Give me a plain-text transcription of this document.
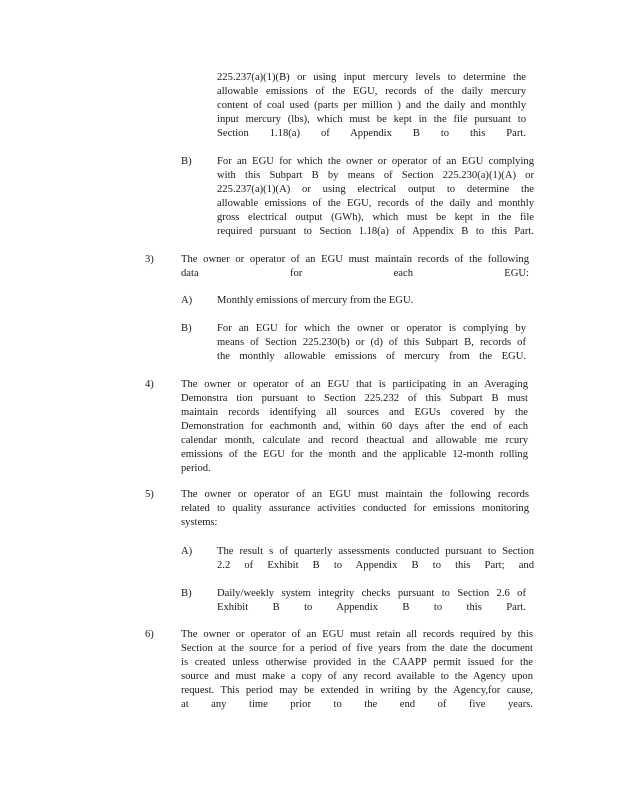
225.237(a)(1)(B) or using input mercury levels to determine the
allowable emissions of the EGU, records of the daily mercury
content of coal used (parts per million ) and the daily and monthly
input mercury (lbs), which must be kept in the file pursuant to
Section 1.18(a) of Appendix B to this Part.
B) For an EGU for which the owner or operator of an EGU complying
with this Subpart B by means of Section 225.230(a)(1)(A) or
225.237(a)(1)(A) or using electrical output to determine the
allowable emissions of the EGU, records of the daily and monthly
gross electrical output (GWh), which must be kept in the file
required pursuant to Section 1.18(a) of Appendix B to this Part.
3)	The owner or operator of an EGU must maintain records of the following
data for each EGU:
A) Monthly emissions of mercury from the EGU.
B) For an EGU for which the owner or operator is complying by
means of Section 225.230(b) or (d) of this Subpart B, records of
the monthly allowable emissions of mercury from the EGU.
4)	The owner or operator of an EGU that is participating in an Averaging
Demonstra tion pursuant to Section 225.232 of this Subpart B must
maintain records identifying all sources and EGUs covered by the
Demonstration for eachmonth and, within 60 days after the end of each
calendar month, calculate and record theactual and allowable me rcury
emissions of the EGU for the month and the applicable 12-month rolling
period.
5)	The owner or operator of an EGU must maintain the following records
related to quality assurance activities conducted for emissions monitoring
systems:
A) The result s of quarterly assessments conducted pursuant to Section
2.2 of Exhibit B to Appendix B to this Part; and
B) Daily/weekly system integrity checks pursuant to Section 2.6 of
Exhibit B to Appendix B to this Part.
6)	The owner or operator of an EGU must retain all records required by this
Section at the source for a period of five years from the date the document
is created unless otherwise provided in the CAAPP permit issued for the
source and must make a copy of any record available to the Agency upon
request. This period may be extended in writing by the Agency,for cause,
at any time prior to the end of five years.
